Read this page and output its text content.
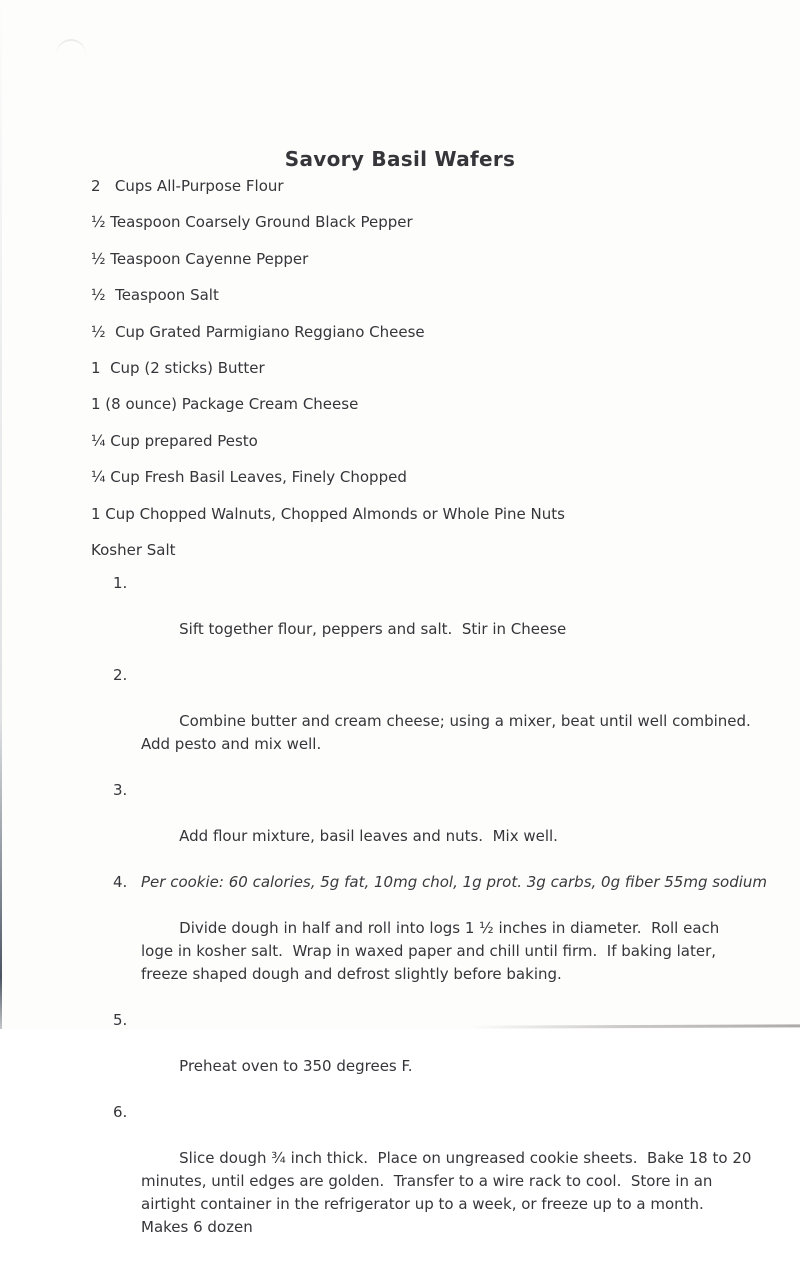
Savory Basil Wafers
2   Cups All-Purpose Flour
½ Teaspoon Coarsely Ground Black Pepper
½ Teaspoon Cayenne Pepper
½  Teaspoon Salt
½  Cup Grated Parmigiano Reggiano Cheese
1  Cup (2 sticks) Butter
1 (8 ounce) Package Cream Cheese
¼ Cup prepared Pesto
¼ Cup Fresh Basil Leaves, Finely Chopped
1 Cup Chopped Walnuts, Chopped Almonds or Whole Pine Nuts
Kosher Salt

1.

Sift together flour, peppers and salt.  Stir in Cheese

2.

Combine butter and cream cheese; using a mixer, beat until well combined.  Add pesto and mix well.

3.

Add flour mixture, basil leaves and nuts.  Mix well.

4.

Divide dough in half and roll into logs 1 ½ inches in diameter.  Roll each loge in kosher salt.  Wrap in waxed paper and chill until firm.  If baking later, freeze shaped dough and defrost slightly before baking.

5.

Preheat oven to 350 degrees F.

6.

Slice dough ¾ inch thick.  Place on ungreased cookie sheets.  Bake 18 to 20 minutes, until edges are golden.  Transfer to a wire rack to cool.  Store in an airtight container in the refrigerator up to a week, or freeze up to a month.   Makes 6 dozen

Per cookie: 60 calories, 5g fat, 10mg chol, 1g prot. 3g carbs, 0g fiber 55mg sodium
